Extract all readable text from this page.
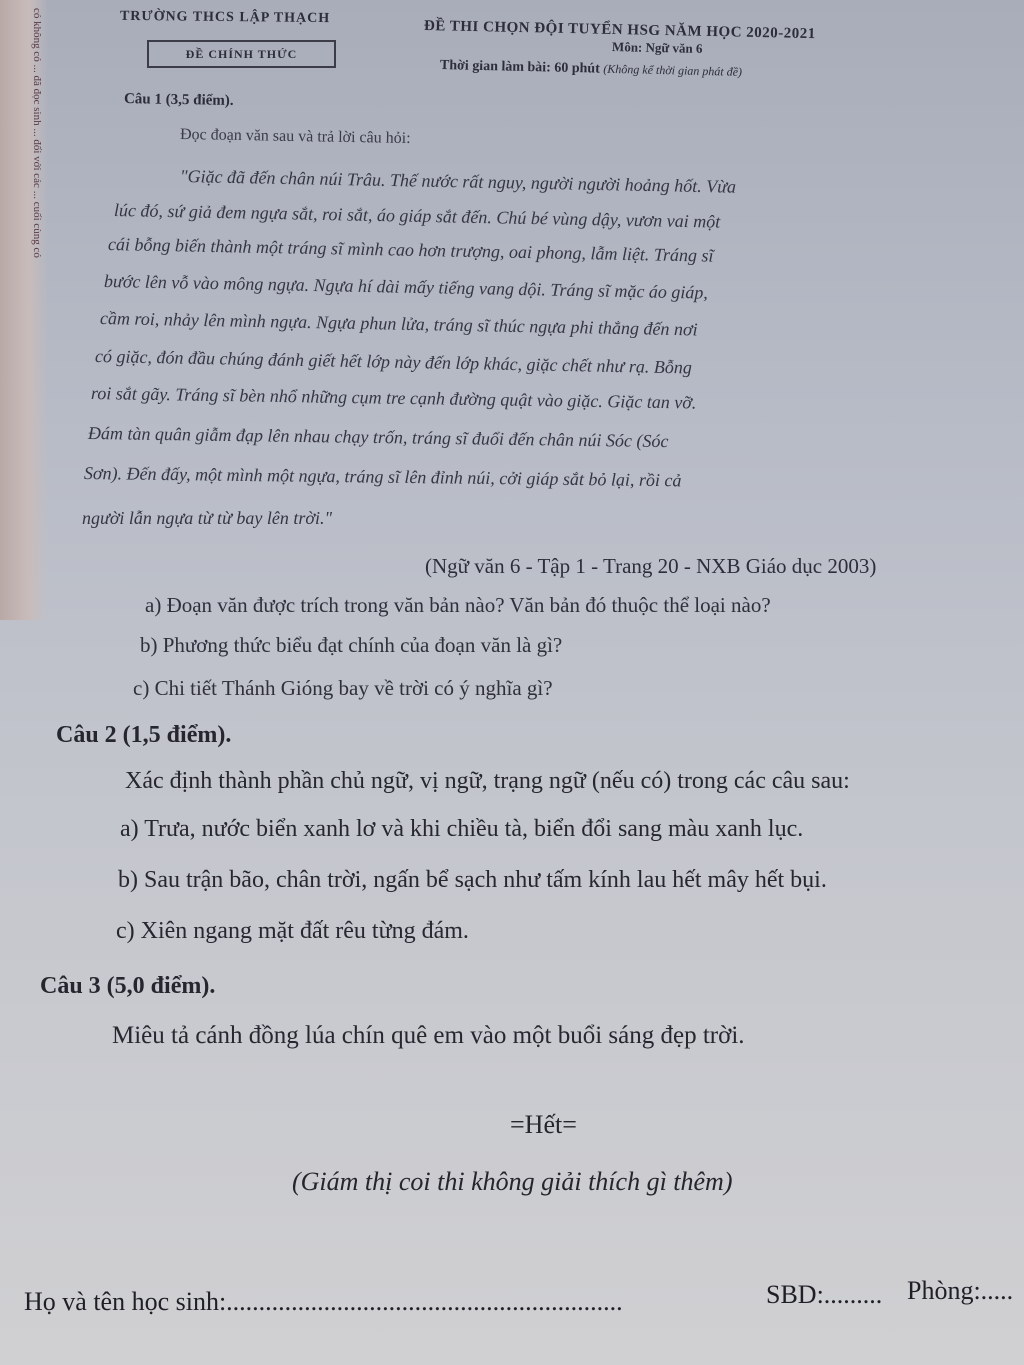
có không có ... đã đọc sinh ... đối với các ... cuối cùng có	TRƯỜNG THCS LẬP THẠCH
ĐỀ CHÍNH THỨC
ĐỀ THI CHỌN ĐỘI TUYỂN HSG NĂM HỌC 2020-2021
Môn: Ngữ văn 6
Thời gian làm bài: 60 phút (Không kể thời gian phát đề)
Câu 1 (3,5 điểm).
Đọc đoạn văn sau và trả lời câu hỏi:
"Giặc đã đến chân núi Trâu. Thế nước rất nguy, người người hoảng hốt. Vừa
lúc đó, sứ giả đem ngựa sắt, roi sắt, áo giáp sắt đến. Chú bé vùng dậy, vươn vai một
cái bỗng biến thành một tráng sĩ mình cao hơn trượng, oai phong, lẫm liệt. Tráng sĩ
bước lên vỗ vào mông ngựa. Ngựa hí dài mấy tiếng vang dội. Tráng sĩ mặc áo giáp,
cầm roi, nhảy lên mình ngựa. Ngựa phun lửa, tráng sĩ thúc ngựa phi thẳng đến nơi
có giặc, đón đầu chúng đánh giết hết lớp này đến lớp khác, giặc chết như rạ. Bỗng
roi sắt gãy. Tráng sĩ bèn nhổ những cụm tre cạnh đường quật vào giặc. Giặc tan vỡ.
Đám tàn quân giẫm đạp lên nhau chạy trốn, tráng sĩ đuổi đến chân núi Sóc (Sóc
Sơn). Đến đấy, một mình một ngựa, tráng sĩ lên đỉnh núi, cởi giáp sắt bỏ lại, rồi cả
người lẫn ngựa từ từ bay lên trời."
(Ngữ văn 6 - Tập 1 - Trang 20 - NXB Giáo dục 2003)
a) Đoạn văn được trích trong văn bản nào? Văn bản đó thuộc thể loại nào?
b) Phương thức biểu đạt chính của đoạn văn là gì?
c) Chi tiết Thánh Gióng bay về trời có ý nghĩa gì?
Câu 2 (1,5 điểm).
Xác định thành phần chủ ngữ, vị ngữ, trạng ngữ (nếu có) trong các câu sau:
a) Trưa, nước biển xanh lơ và khi chiều tà, biển đổi sang màu xanh lục.
b) Sau trận bão, chân trời, ngấn bể sạch như tấm kính lau hết mây hết bụi.
c) Xiên ngang mặt đất rêu từng đám.
Câu 3 (5,0 điểm).
Miêu tả cánh đồng lúa chín quê em vào một buổi sáng đẹp trời.
=Hết=
(Giám thị coi thi không giải thích gì thêm)
Họ và tên học sinh:.............................................................	SBD:......... Phòng:.....
